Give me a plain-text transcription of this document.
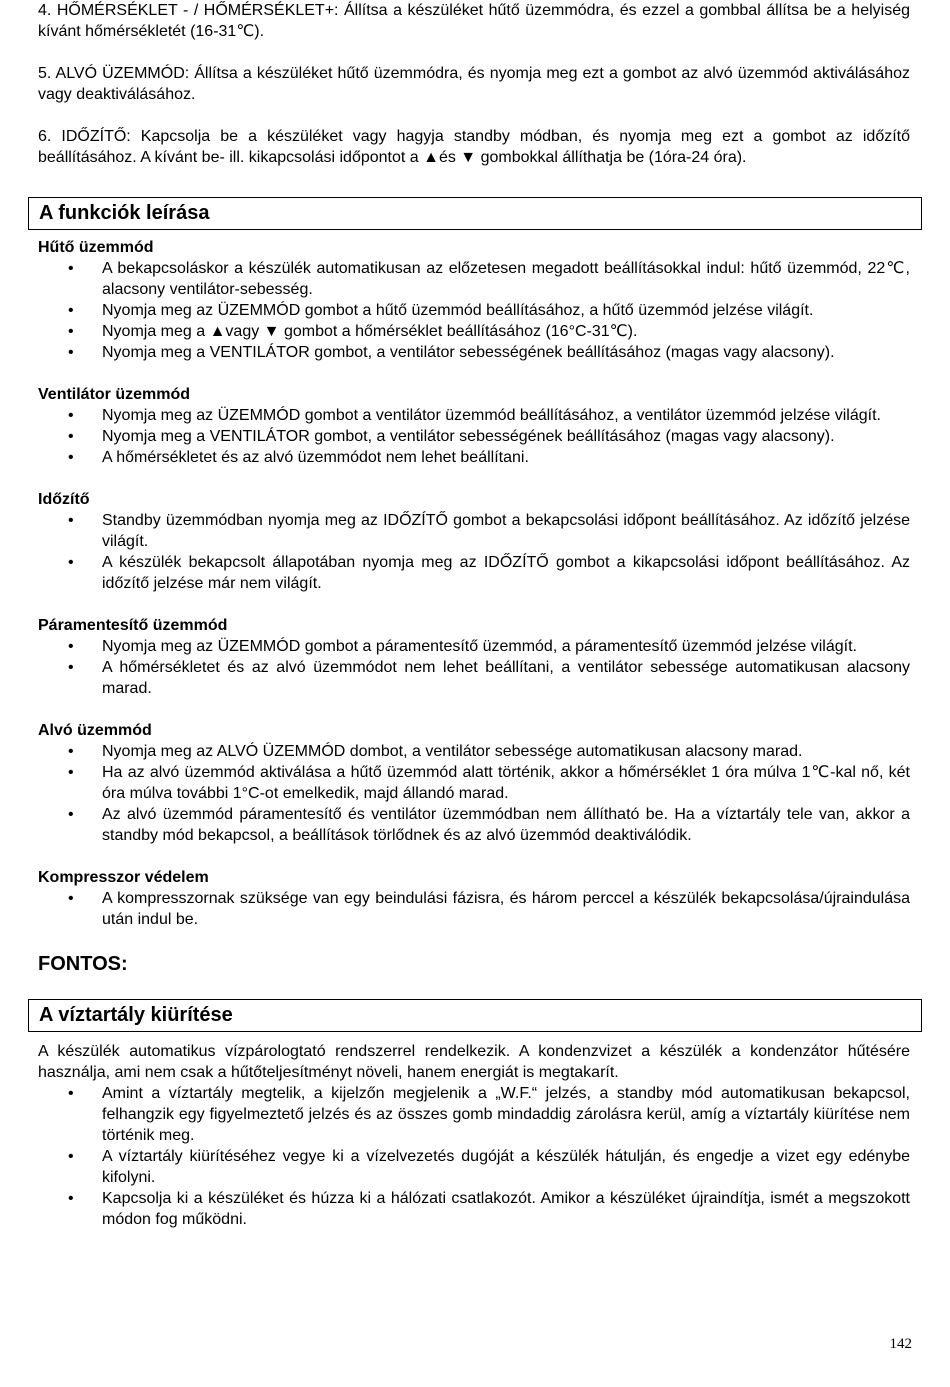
4. HŐMÉRSÉKLET - / HŐMÉRSÉKLET+: Állítsa a készüléket hűtő üzemmódra, és ezzel a gombbal állítsa be a helyiség kívánt hőmérsékletét (16-31℃).

5. ALVÓ ÜZEMMÓD: Állítsa a készüléket hűtő üzemmódra, és nyomja meg ezt a gombot az alvó üzemmód aktiválásához vagy deaktiválásához.

6. IDŐZÍTŐ: Kapcsolja be a készüléket vagy hagyja standby módban, és nyomja meg ezt a gombot az időzítő beállításához. A kívánt be- ill. kikapcsolási időpontot a ▲és ▼ gombokkal állíthatja be (1óra-24 óra).

A funkciók leírása
Hűtő üzemmód
• A bekapcsoláskor a készülék automatikusan az előzetesen megadott beállításokkal indul: hűtő üzemmód, 22℃, alacsony ventilátor-sebesség.
• Nyomja meg az ÜZEMMÓD gombot a hűtő üzemmód beállításához, a hűtő üzemmód jelzése világít.
• Nyomja meg a ▲vagy ▼ gombot a hőmérséklet beállításához (16°C-31℃).
• Nyomja meg a VENTILÁTOR gombot, a ventilátor sebességének beállításához (magas vagy alacsony).
Ventilátor üzemmód
• Nyomja meg az ÜZEMMÓD gombot a ventilátor üzemmód beállításához, a ventilátor üzemmód jelzése világít.
• Nyomja meg a VENTILÁTOR gombot, a ventilátor sebességének beállításához (magas vagy alacsony).
• A hőmérsékletet és az alvó üzemmódot nem lehet beállítani.
Időzítő
• Standby üzemmódban nyomja meg az IDŐZÍTŐ gombot a bekapcsolási időpont beállításához. Az időzítő jelzése világít.
• A készülék bekapcsolt állapotában nyomja meg az IDŐZÍTŐ gombot a kikapcsolási időpont beállításához. Az időzítő jelzése már nem világít.
Páramentesítő üzemmód
• Nyomja meg az ÜZEMMÓD gombot a páramentesítő üzemmód, a páramentesítő üzemmód jelzése világít.
• A hőmérsékletet és az alvó üzemmódot nem lehet beállítani, a ventilátor sebessége automatikusan alacsony marad.
Alvó üzemmód
• Nyomja meg az ALVÓ ÜZEMMÓD dombot, a ventilátor sebessége automatikusan alacsony marad.
• Ha az alvó üzemmód aktiválása a hűtő üzemmód alatt történik, akkor a hőmérséklet 1 óra múlva 1℃-kal nő, két óra múlva további 1°C-ot emelkedik, majd állandó marad.
• Az alvó üzemmód páramentesítő és ventilátor üzemmódban nem állítható be. Ha a víztartály tele van, akkor a standby mód bekapcsol, a beállítások törlődnek és az alvó üzemmód deaktiválódik.
Kompresszor védelem
• A kompresszornak szüksége van egy beindulási fázisra, és három perccel a készülék bekapcsolása/újraindulása után indul be.
FONTOS:
A víztartály kiürítése

A készülék automatikus vízpárologtató rendszerrel rendelkezik. A kondenzvizet a készülék a kondenzátor hűtésére használja, ami nem csak a hűtőteljesítményt növeli, hanem energiát is megtakarít.

• Amint a víztartály megtelik, a kijelzőn megjelenik a „W.F.“ jelzés, a standby mód automatikusan bekapcsol, felhangzik egy figyelmeztető jelzés és az összes gomb mindaddig zárolásra kerül, amíg a víztartály kiürítése nem történik meg.
• A víztartály kiürítéséhez vegye ki a vízelvezetés dugóját a készülék hátulján, és engedje a vizet egy edénybe kifolyni.
• Kapcsolja ki a készüléket és húzza ki a hálózati csatlakozót. Amikor a készüléket újraindítja, ismét a megszokott módon fog működni.
142
